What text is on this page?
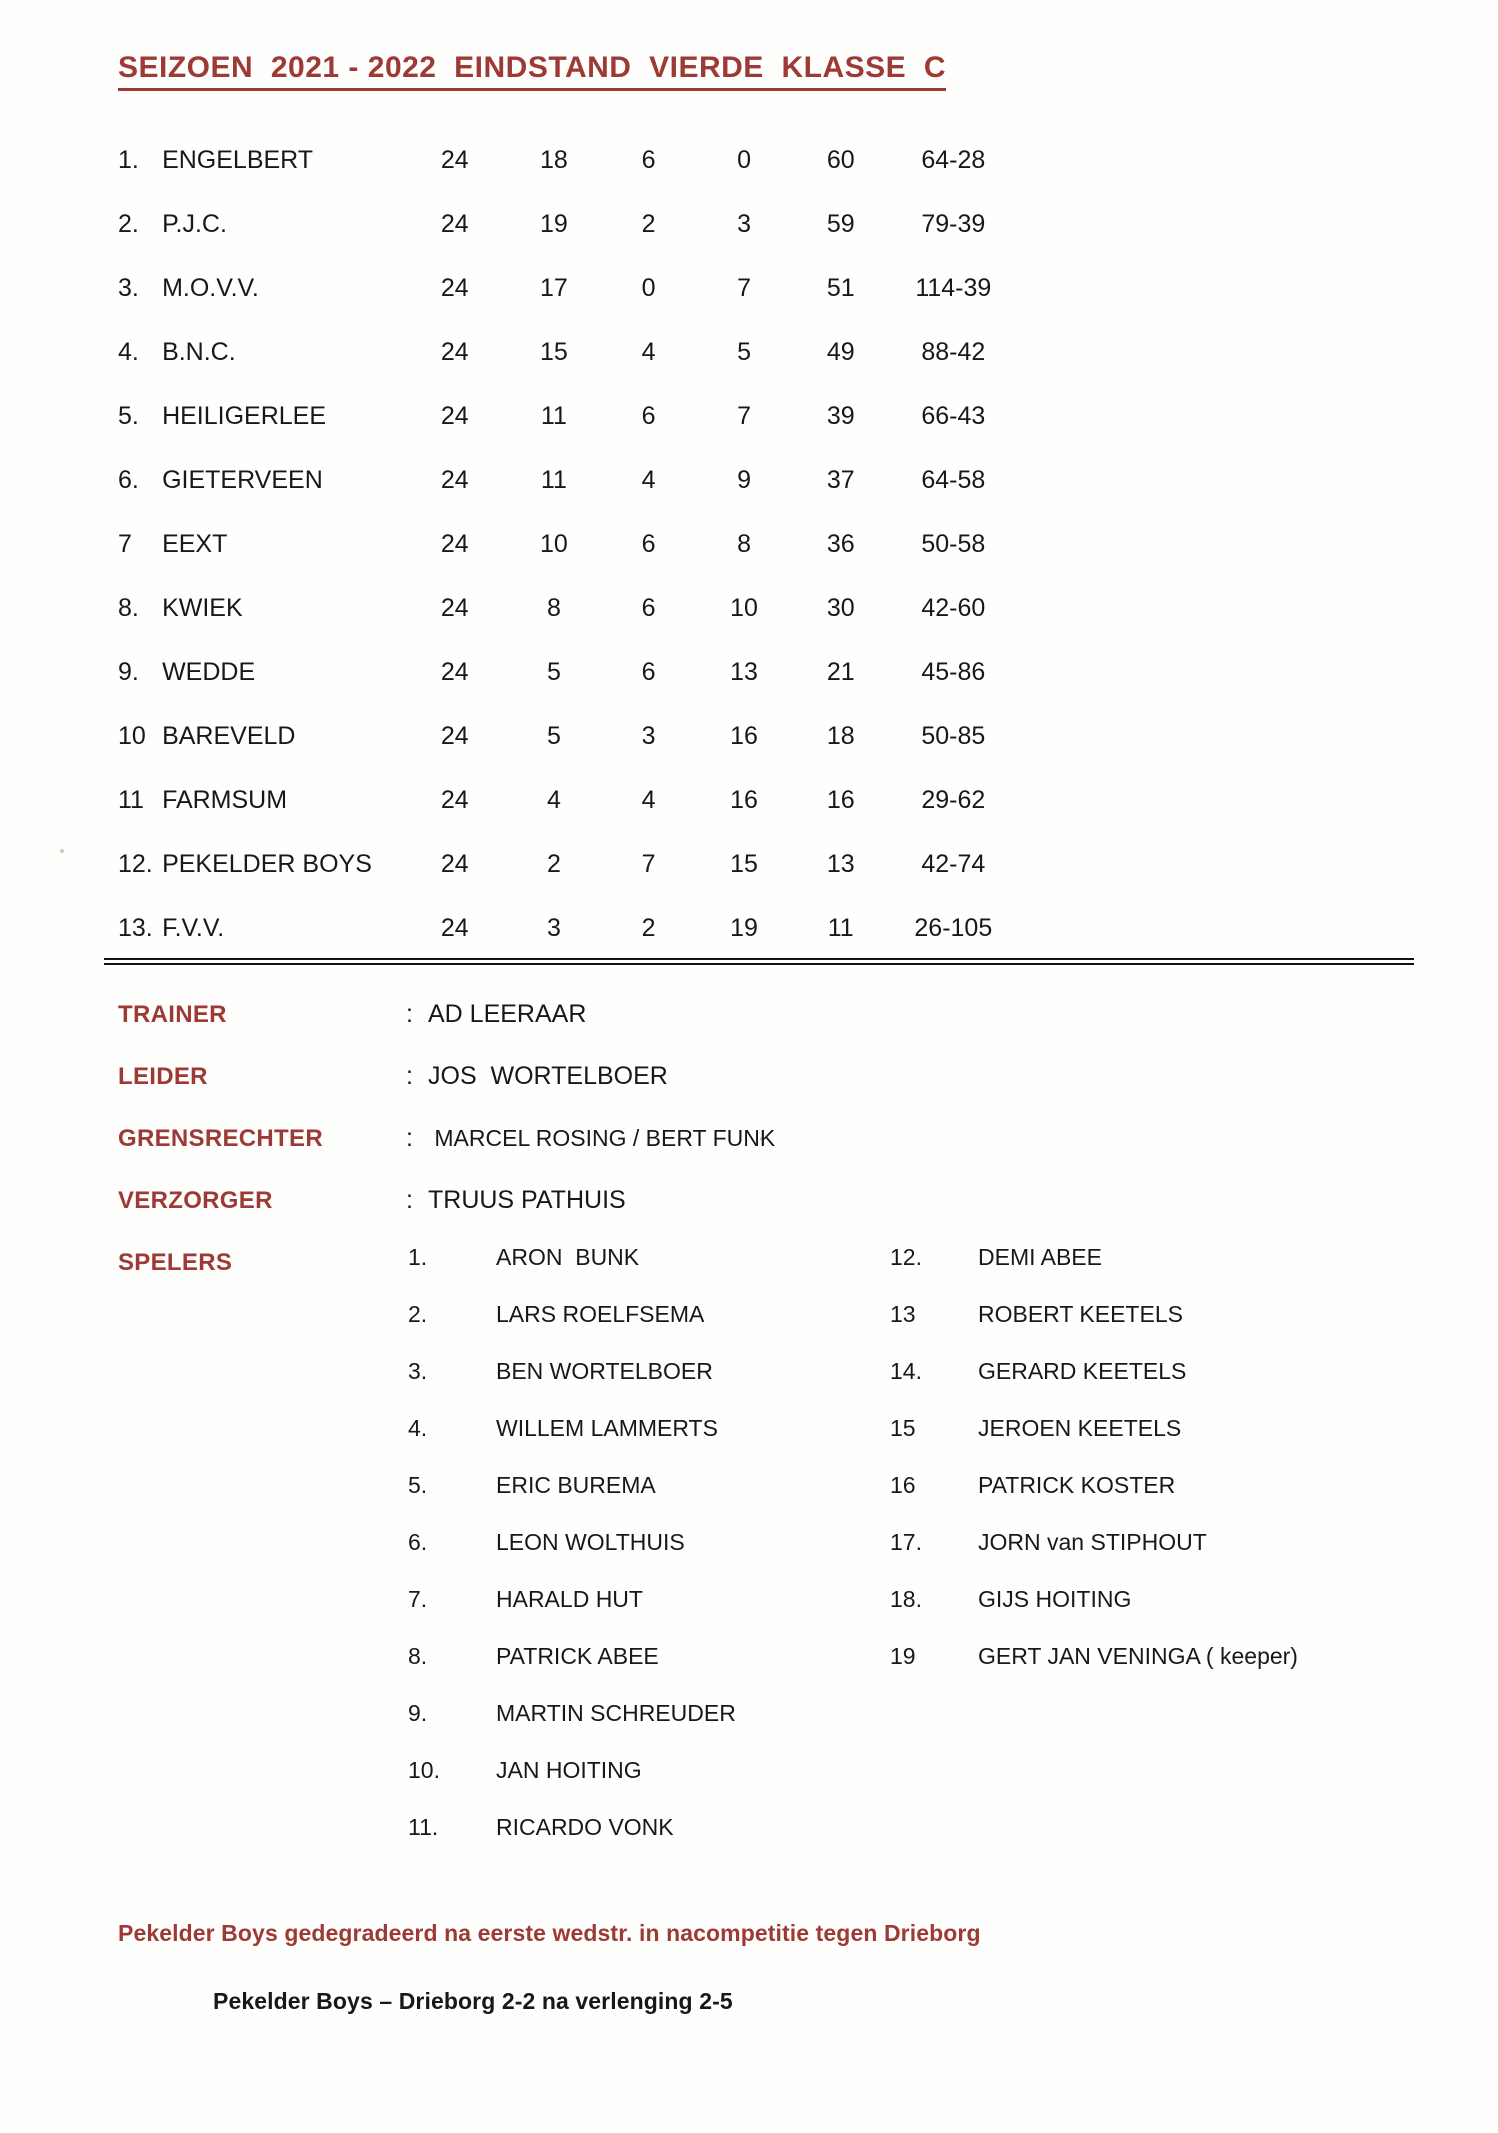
SEIZOEN  2021 - 2022  EINDSTAND  VIERDE  KLASSE  C
1.	ENGELBERT	24	18	6	0	60	64-28
2.	P.J.C.	24	19	2	3	59	79-39
3.	M.O.V.V.	24	17	0	7	51	114-39
4.	B.N.C.	24	15	4	5	49	88-42
5.	HEILIGERLEE	24	11	6	7	39	66-43
6.	GIETERVEEN	24	11	4	9	37	64-58
7	EEXT	24	10	6	8	36	50-58
8.	KWIEK	24	8	6	10	30	42-60
9.	WEDDE	24	5	6	13	21	45-86
10	BAREVELD	24	5	3	16	18	50-85
11	FARMSUM	24	4	4	16	16	29-62
12.	PEKELDER BOYS	24	2	7	15	13	42-74
13.	F.V.V.	24	3	2	19	11	26-105
TRAINER	: AD LEERAAR
LEIDER	: JOS  WORTELBOER
GRENSRECHTER	: MARCEL ROSING / BERT FUNK
VERZORGER	: TRUUS PATHUIS
SPELERS	1.	ARON  BUNK
2.	LARS ROELFSEMA
3.	BEN WORTELBOER
4.	WILLEM LAMMERTS
5.	ERIC BUREMA
6.	LEON WOLTHUIS
7.	HARALD HUT
8.	PATRICK ABEE
9.	MARTIN SCHREUDER
10.	JAN HOITING
11.	RICARDO VONK
12.	DEMI ABEE
13	ROBERT KEETELS
14.	GERARD KEETELS
15	JEROEN KEETELS
16	PATRICK KOSTER
17.	JORN van STIPHOUT
18.	GIJS HOITING
19	GERT JAN VENINGA ( keeper)
Pekelder Boys gedegradeerd na eerste wedstr. in nacompetitie tegen Drieborg
Pekelder Boys – Drieborg 2-2 na verlenging 2-5
